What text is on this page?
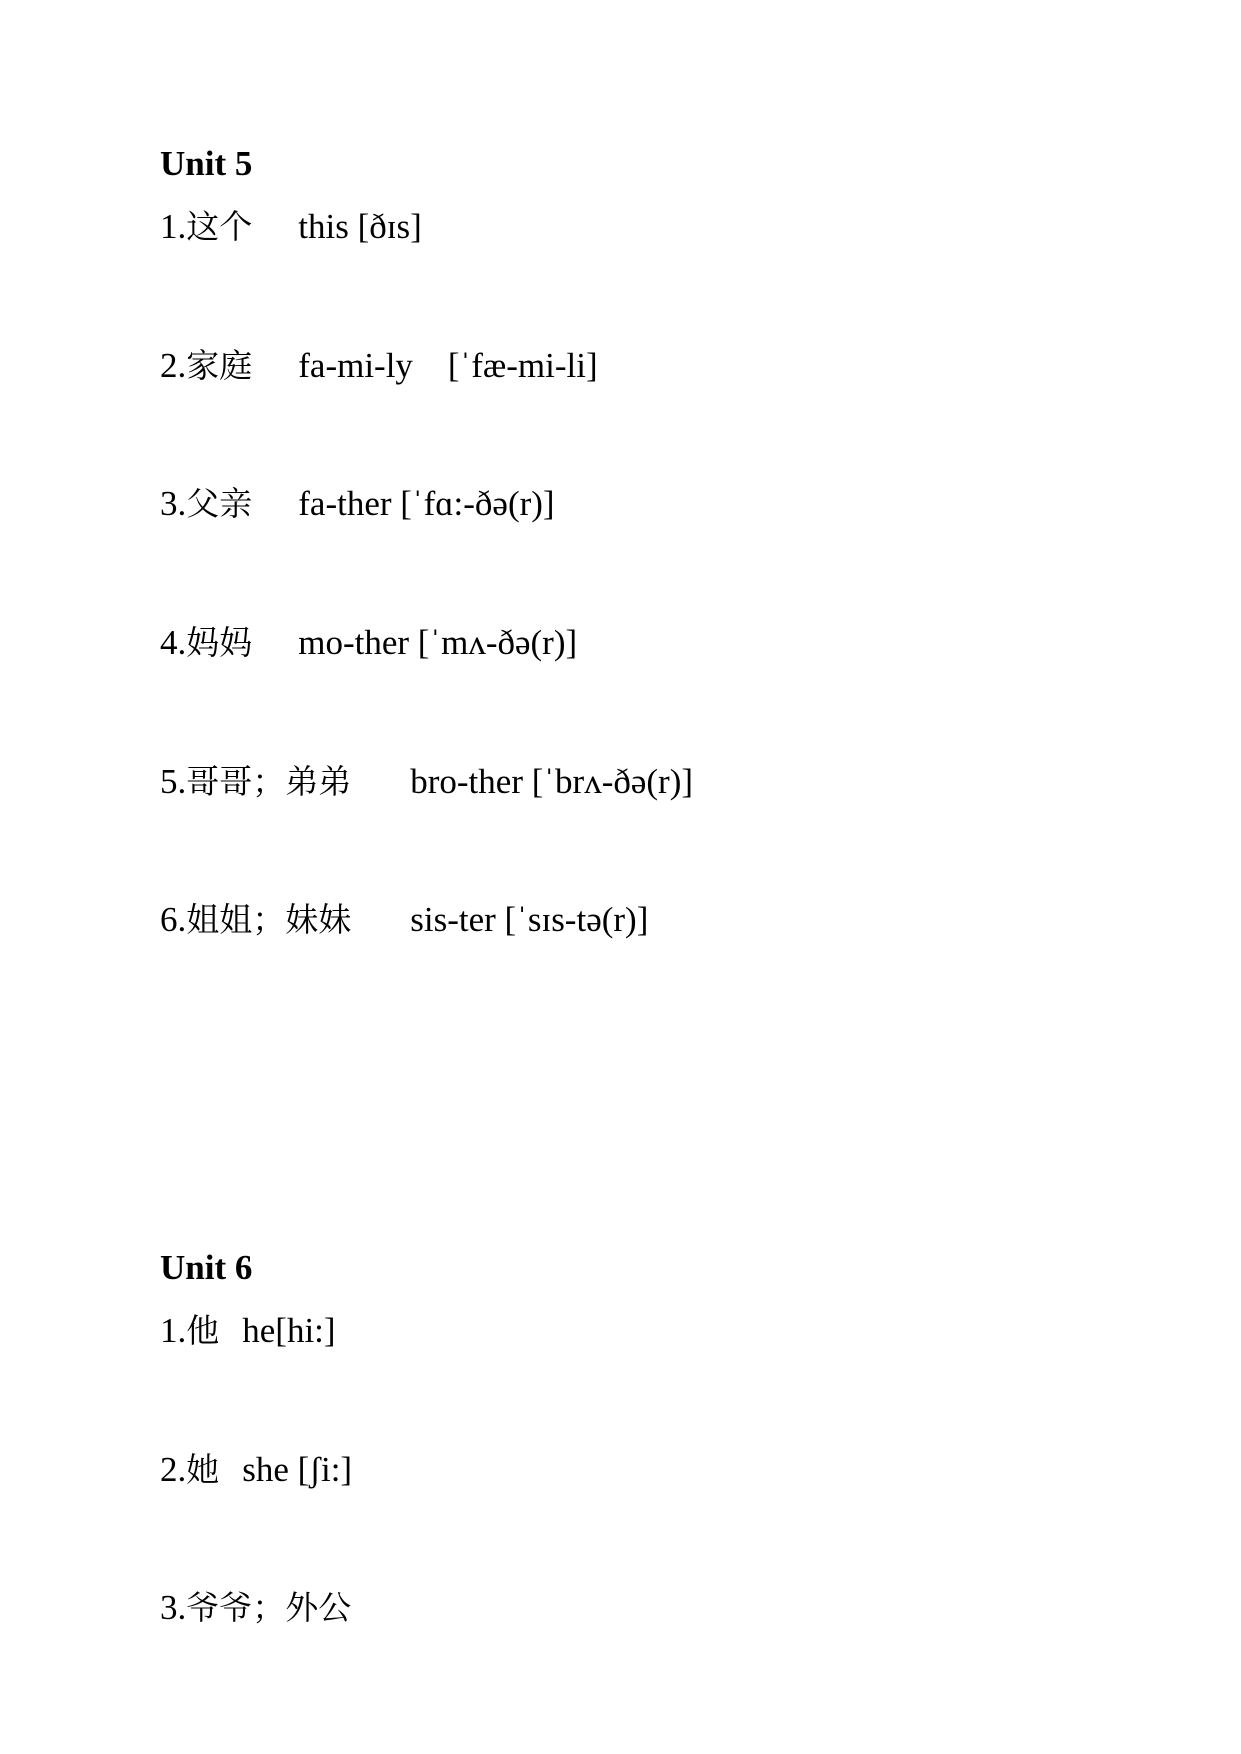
Unit 5
1.这个 this [ðɪs]
2.家庭 fa-mi-ly    [ˈfæ-mi-li]
3.父亲 fa-ther [ˈfɑ:-ðə(r)]
4.妈妈 mo-ther [ˈmʌ-ðə(r)]
5.哥哥；弟弟 bro-ther [ˈbrʌ-ðə(r)]
6.姐姐；妹妹 sis-ter [ˈsɪs-tə(r)]
Unit 6
1.他 he[hi:]
2.她 she [ʃi:]
3.爷爷；外公
